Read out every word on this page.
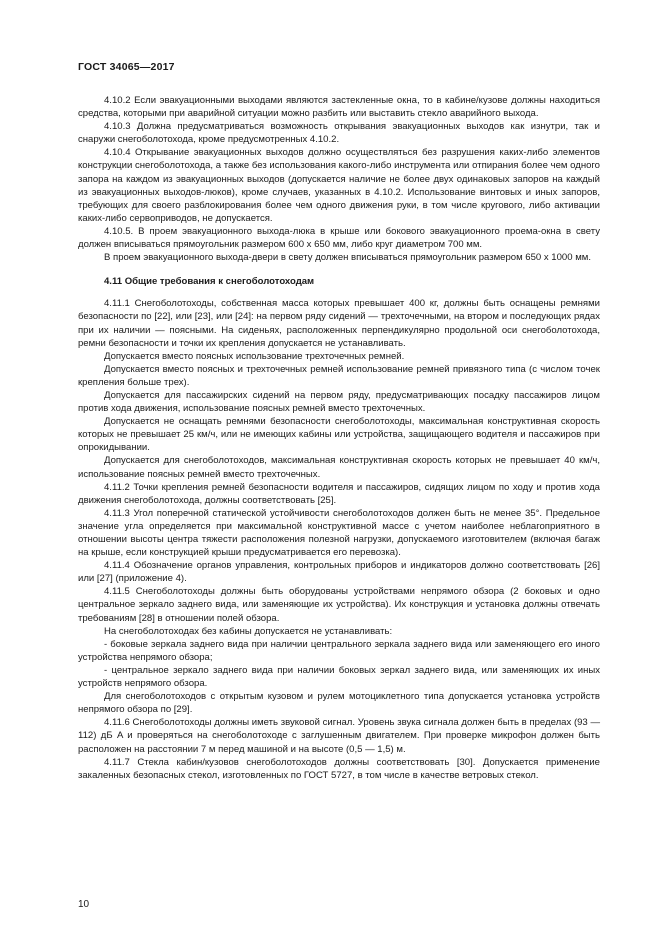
ГОСТ 34065—2017

4.10.2 Если эвакуационными выходами являются застекленные окна, то в кабине/кузове должны находиться средства, которыми при аварийной ситуации можно разбить или выставить стекло аварийного выхода.

4.10.3 Должна предусматриваться возможность открывания эвакуационных выходов как изнутри, так и снаружи снегоболотохода, кроме предусмотренных 4.10.2.

4.10.4 Открывание эвакуационных выходов должно осуществляться без разрушения каких-либо элементов конструкции снегоболотохода, а также без использования какого-либо инструмента или отпирания более чем одного запора на каждом из эвакуационных выходов (допускается наличие не более двух одинаковых запоров на каждый из эвакуационных выходов-люков), кроме случаев, указанных в 4.10.2. Использование винтовых и иных запоров, требующих для своего разблокирования более чем одного движения руки, в том числе кругового, либо активации каких-либо сервоприводов, не допускается.

4.10.5. В проем эвакуационного выхода-люка в крыше или бокового эвакуационного проема-окна в свету должен вписываться прямоугольник размером 600 x 650 мм, либо круг диаметром 700 мм.

В проем эвакуационного выхода-двери в свету должен вписываться прямоугольник размером 650 x 1000 мм.

4.11 Общие требования к снегоболотоходам

4.11.1 Снегоболотоходы, собственная масса которых превышает 400 кг, должны быть оснащены ремнями безопасности по [22], или [23], или [24]: на первом ряду сидений — трехточечными, на втором и последующих рядах при их наличии — поясными. На сиденьях, расположенных перпендикулярно продольной оси снегоболотохода, ремни безопасности и точки их крепления допускается не устанавливать.

Допускается вместо поясных использование трехточечных ремней.

Допускается вместо поясных и трехточечных ремней использование ремней привязного типа (с числом точек крепления больше трех).

Допускается для пассажирских сидений на первом ряду, предусматривающих посадку пассажиров лицом против хода движения, использование поясных ремней вместо трехточечных.

Допускается не оснащать ремнями безопасности снегоболотоходы, максимальная конструктивная скорость которых не превышает 25 км/ч, или не имеющих кабины или устройства, защищающего водителя и пассажиров при опрокидывании.

Допускается для снегоболотоходов, максимальная конструктивная скорость которых не превышает 40 км/ч, использование поясных ремней вместо трехточечных.

4.11.2 Точки крепления ремней безопасности водителя и пассажиров, сидящих лицом по ходу и против хода движения снегоболотохода, должны соответствовать [25].

4.11.3 Угол поперечной статической устойчивости снегоболотоходов должен быть не менее 35°. Предельное значение угла определяется при максимальной конструктивной массе с учетом наиболее неблагоприятного в отношении высоты центра тяжести расположения полезной нагрузки, допускаемого изготовителем (включая багаж на крыше, если конструкцией крыши предусматривается его перевозка).

4.11.4 Обозначение органов управления, контрольных приборов и индикаторов должно соответствовать [26] или [27] (приложение 4).

4.11.5 Снегоболотоходы должны быть оборудованы устройствами непрямого обзора (2 боковых и одно центральное зеркало заднего вида, или заменяющие их устройства). Их конструкция и установка должны отвечать требованиям [28] в отношении полей обзора.

На снегоболотоходах без кабины допускается не устанавливать:

- боковые зеркала заднего вида при наличии центрального зеркала заднего вида или заменяющего его иного устройства непрямого обзора;

- центральное зеркало заднего вида при наличии боковых зеркал заднего вида, или заменяющих их иных устройств непрямого обзора.

Для снегоболотоходов с открытым кузовом и рулем мотоциклетного типа допускается установка устройств непрямого обзора по [29].

4.11.6 Снегоболотоходы должны иметь звуковой сигнал. Уровень звука сигнала должен быть в пределах (93 — 112) дБ A и проверяться на снегоболотоходе с заглушенным двигателем. При проверке микрофон должен быть расположен на расстоянии 7 м перед машиной и на высоте (0,5 — 1,5) м.

4.11.7 Стекла кабин/кузовов снегоболотоходов должны соответствовать [30]. Допускается применение закаленных безопасных стекол, изготовленных по ГОСТ 5727, в том числе в качестве ветровых стекол.

10
